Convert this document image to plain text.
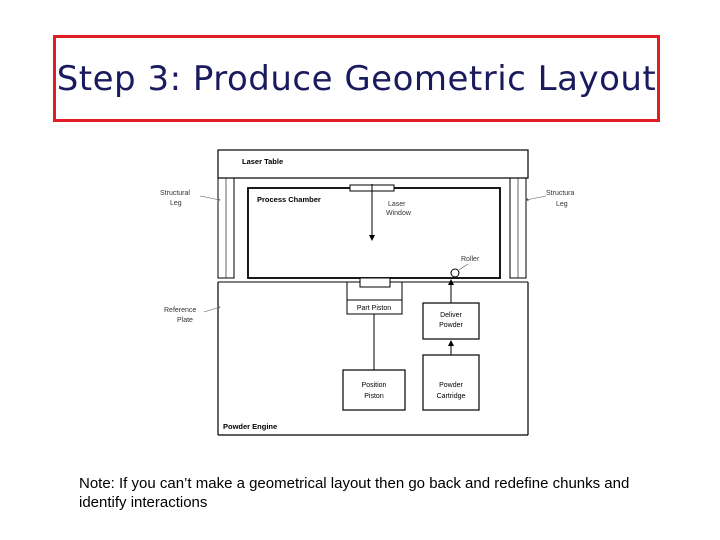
Step 3: Produce Geometric Layout
Laser Table
Process Chamber
Laser
Window
Structural
Leg
Structura
Leg
Roller
Powder Engine
Reference
Plate
Part Piston
Deliver
Powder
Powder
Cartridge
Position
Piston
Note: If you can’t make a geometrical layout then go back and redefine chunks and identify interactions
